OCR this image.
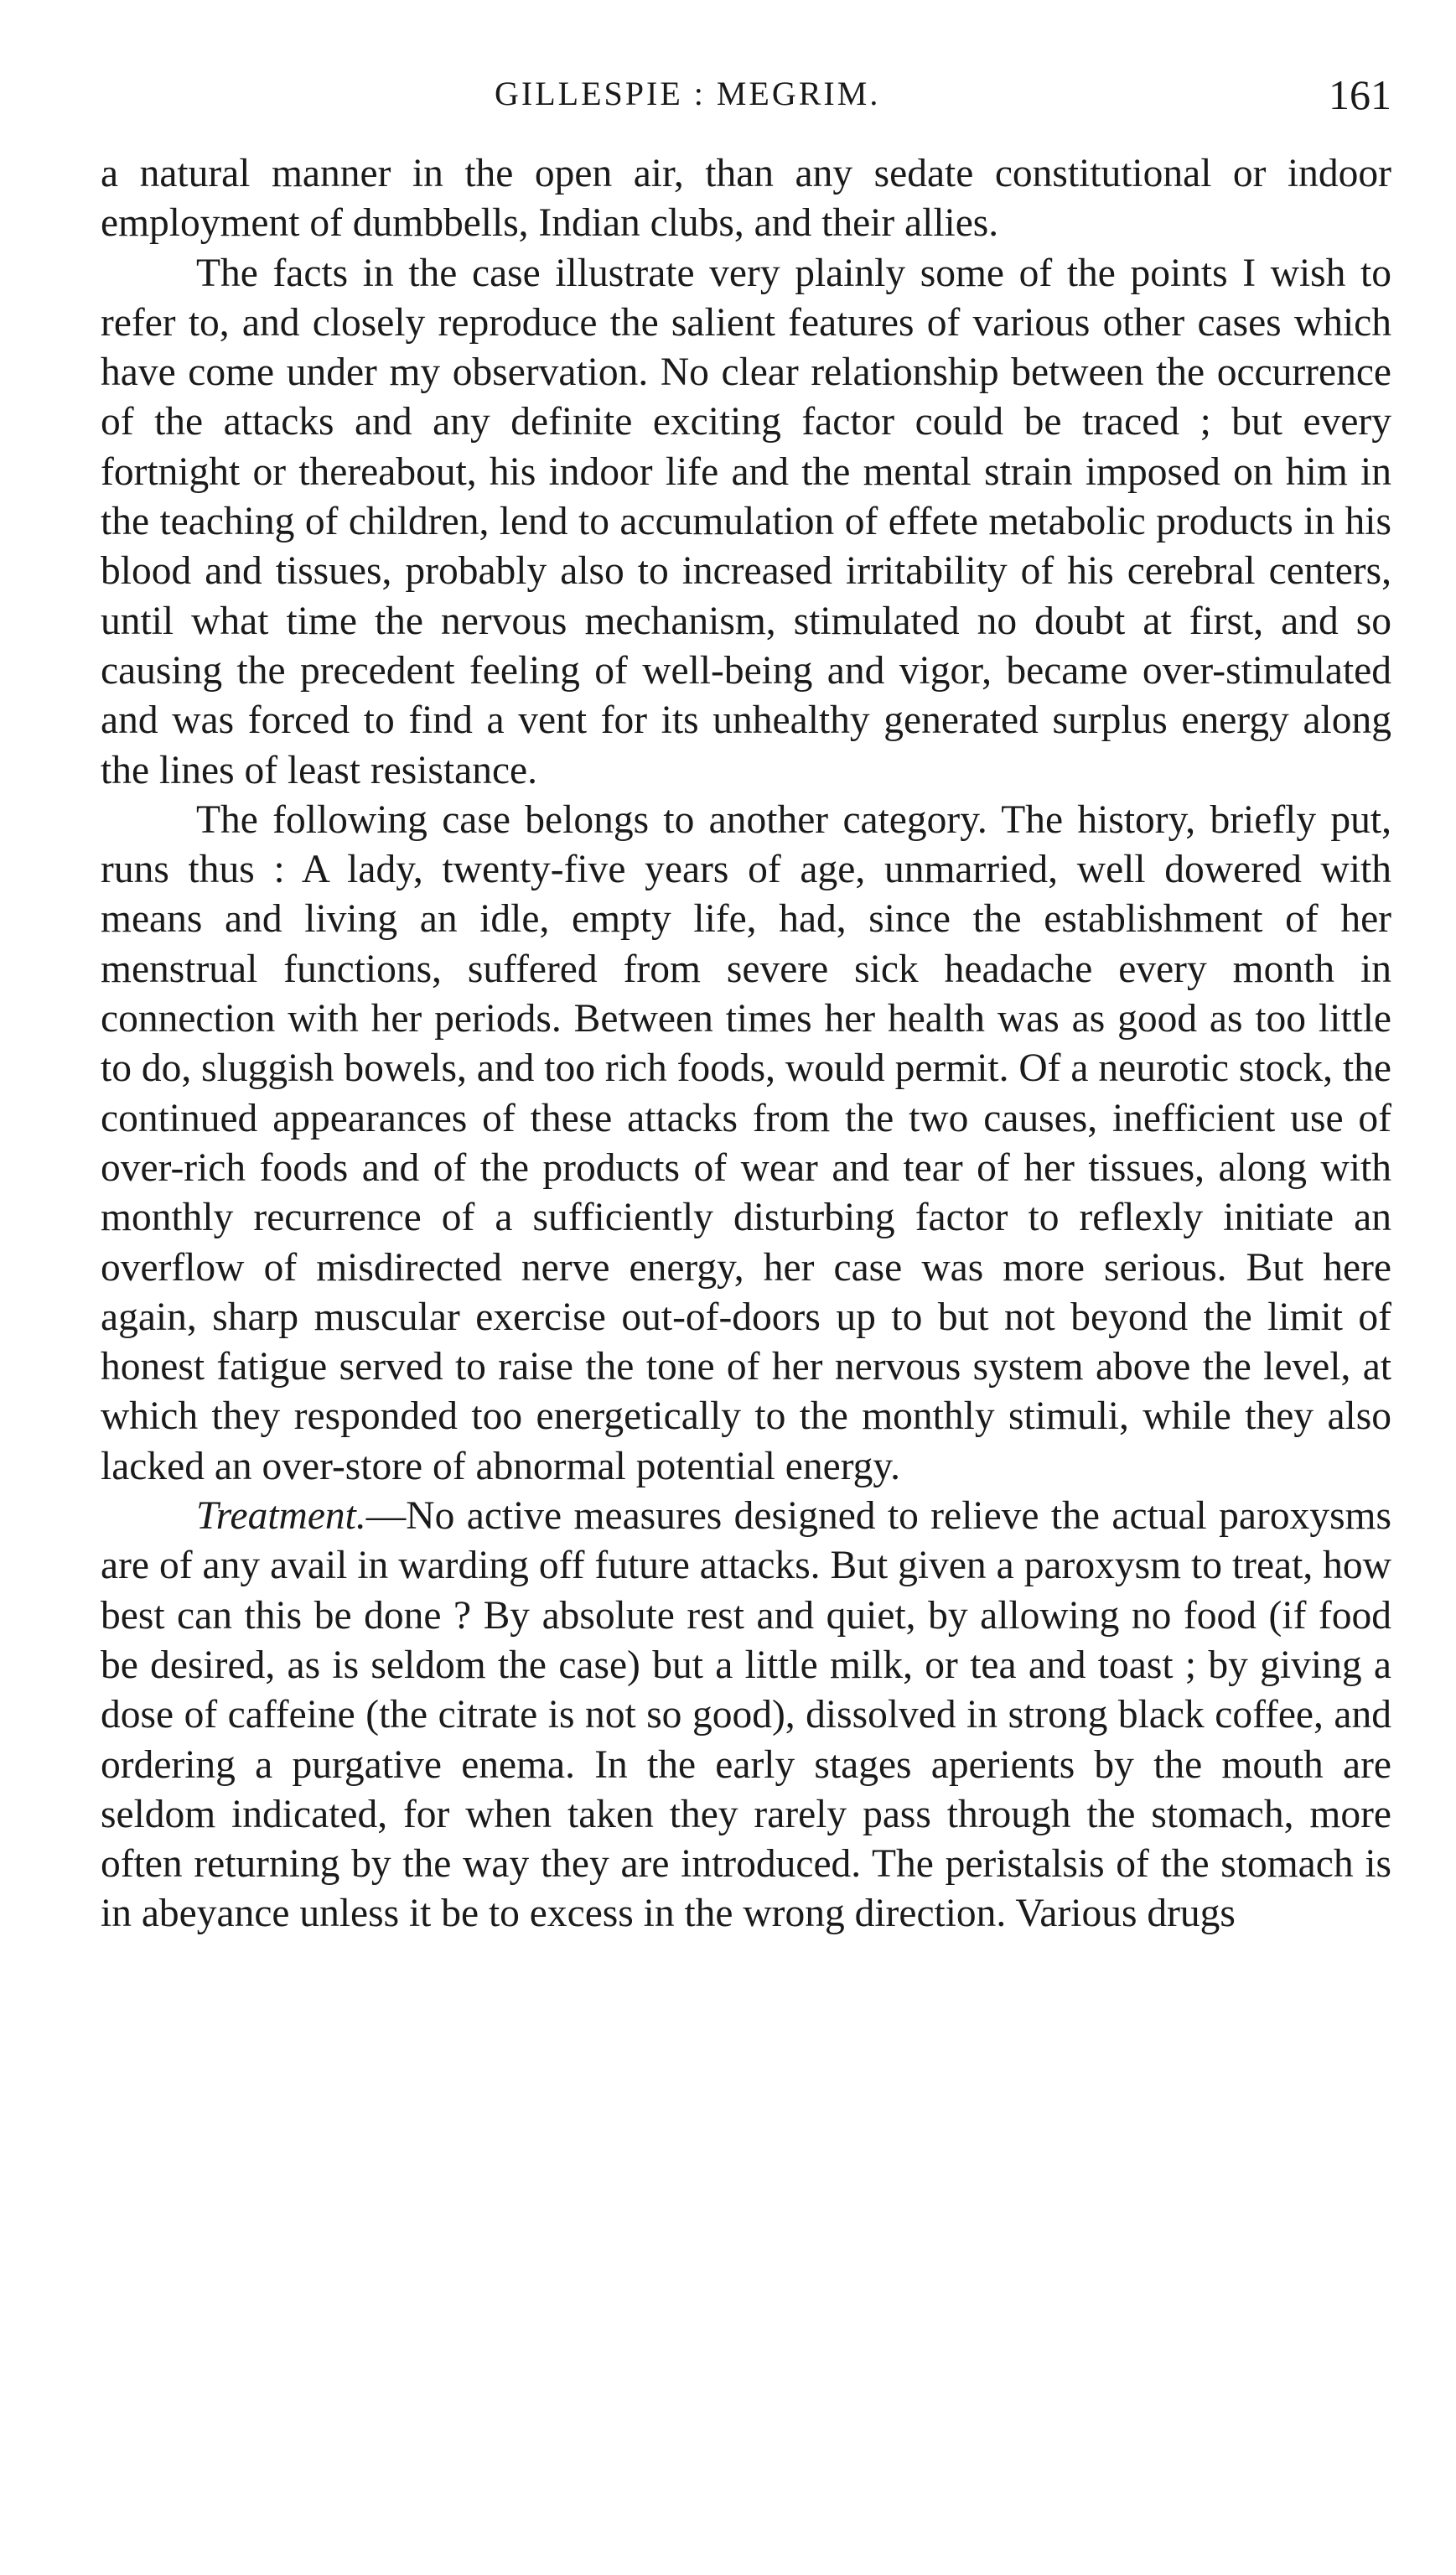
GILLESPIE : MEGRIM.	161

a natural manner in the open air, than any sedate constitutional or indoor employment of dumbbells, Indian clubs, and their allies.

The facts in the case illustrate very plainly some of the points I wish to refer to, and closely reproduce the salient features of various other cases which have come under my observation. No clear relationship between the occurrence of the attacks and any definite exciting factor could be traced ; but every fortnight or thereabout, his indoor life and the mental strain imposed on him in the teaching of children, lend to accumulation of effete metabolic products in his blood and tissues, probably also to increased irritability of his cerebral centers, until what time the nervous mechanism, stimulated no doubt at first, and so causing the precedent feeling of well-being and vigor, became over-stimulated and was forced to find a vent for its unhealthy generated surplus energy along the lines of least resistance.

The following case belongs to another category. The history, briefly put, runs thus : A lady, twenty-five years of age, unmarried, well dowered with means and living an idle, empty life, had, since the establishment of her menstrual functions, suffered from severe sick headache every month in connection with her periods. Between times her health was as good as too little to do, sluggish bowels, and too rich foods, would permit. Of a neurotic stock, the continued appearances of these attacks from the two causes, inefficient use of over-rich foods and of the products of wear and tear of her tissues, along with monthly recurrence of a sufficiently disturbing factor to reflexly initiate an overflow of misdirected nerve energy, her case was more serious. But here again, sharp muscular exercise out-of-doors up to but not beyond the limit of honest fatigue served to raise the tone of her nervous system above the level, at which they responded too energetically to the monthly stimuli, while they also lacked an over-store of abnormal potential energy.

Treatment.—No active measures designed to relieve the actual paroxysms are of any avail in warding off future attacks. But given a paroxysm to treat, how best can this be done ? By absolute rest and quiet, by allowing no food (if food be desired, as is seldom the case) but a little milk, or tea and toast ; by giving a dose of caffeine (the citrate is not so good), dissolved in strong black coffee, and ordering a purgative enema. In the early stages aperients by the mouth are seldom indicated, for when taken they rarely pass through the stomach, more often returning by the way they are introduced. The peristalsis of the stomach is in abeyance unless it be to excess in the wrong direction. Various drugs
